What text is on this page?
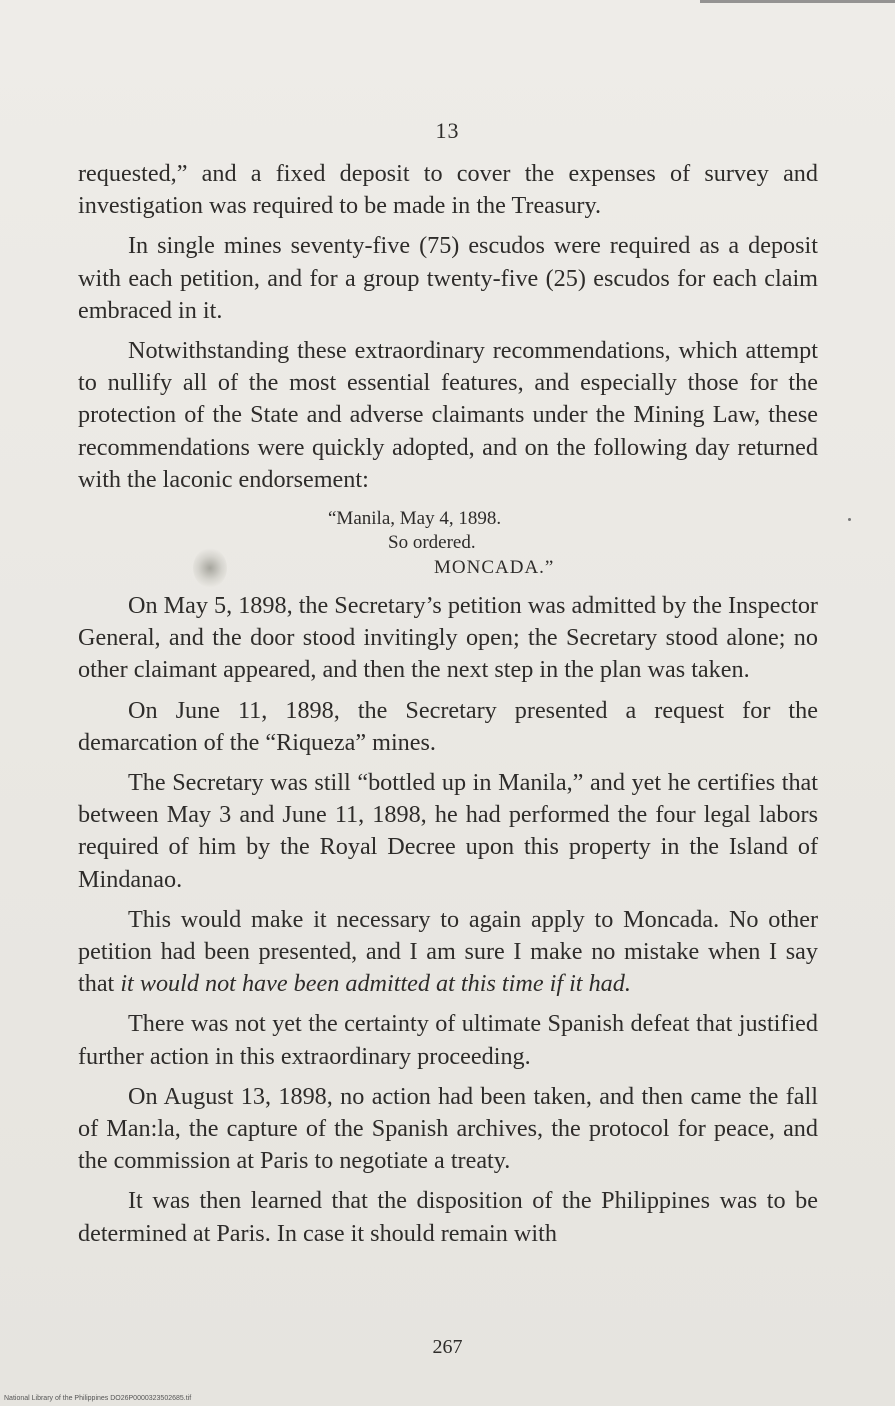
13

requested,” and a fixed deposit to cover the expenses of survey and investigation was required to be made in the Treasury.

In single mines seventy-five (75) escudos were required as a deposit with each petition, and for a group twenty-five (25) escudos for each claim embraced in it.

Notwithstanding these extraordinary recommendations, which attempt to nullify all of the most essential features, and especially those for the protection of the State and adverse claimants under the Mining Law, these recommendations were quickly adopted, and on the following day returned with the laconic endorsement:

“Manila, May 4, 1898.
So ordered.
MONCADA.”

On May 5, 1898, the Secretary’s petition was admitted by the Inspector General, and the door stood invitingly open; the Secretary stood alone; no other claimant appeared, and then the next step in the plan was taken.

On June 11, 1898, the Secretary presented a request for the demarcation of the “Riqueza” mines.

The Secretary was still “bottled up in Manila,” and yet he certifies that between May 3 and June 11, 1898, he had performed the four legal labors required of him by the Royal Decree upon this property in the Island of Mindanao.

This would make it necessary to again apply to Moncada. No other petition had been presented, and I am sure I make no mistake when I say that it would not have been admitted at this time if it had.

There was not yet the certainty of ultimate Spanish defeat that justified further action in this extraordinary proceeding.

On August 13, 1898, no action had been taken, and then came the fall of Man:la, the capture of the Spanish archives, the protocol for peace, and the commission at Paris to negotiate a treaty.

It was then learned that the disposition of the Philippines was to be determined at Paris. In case it should remain with

267
National Library of the Philippines DO26P0000323502685.tif
